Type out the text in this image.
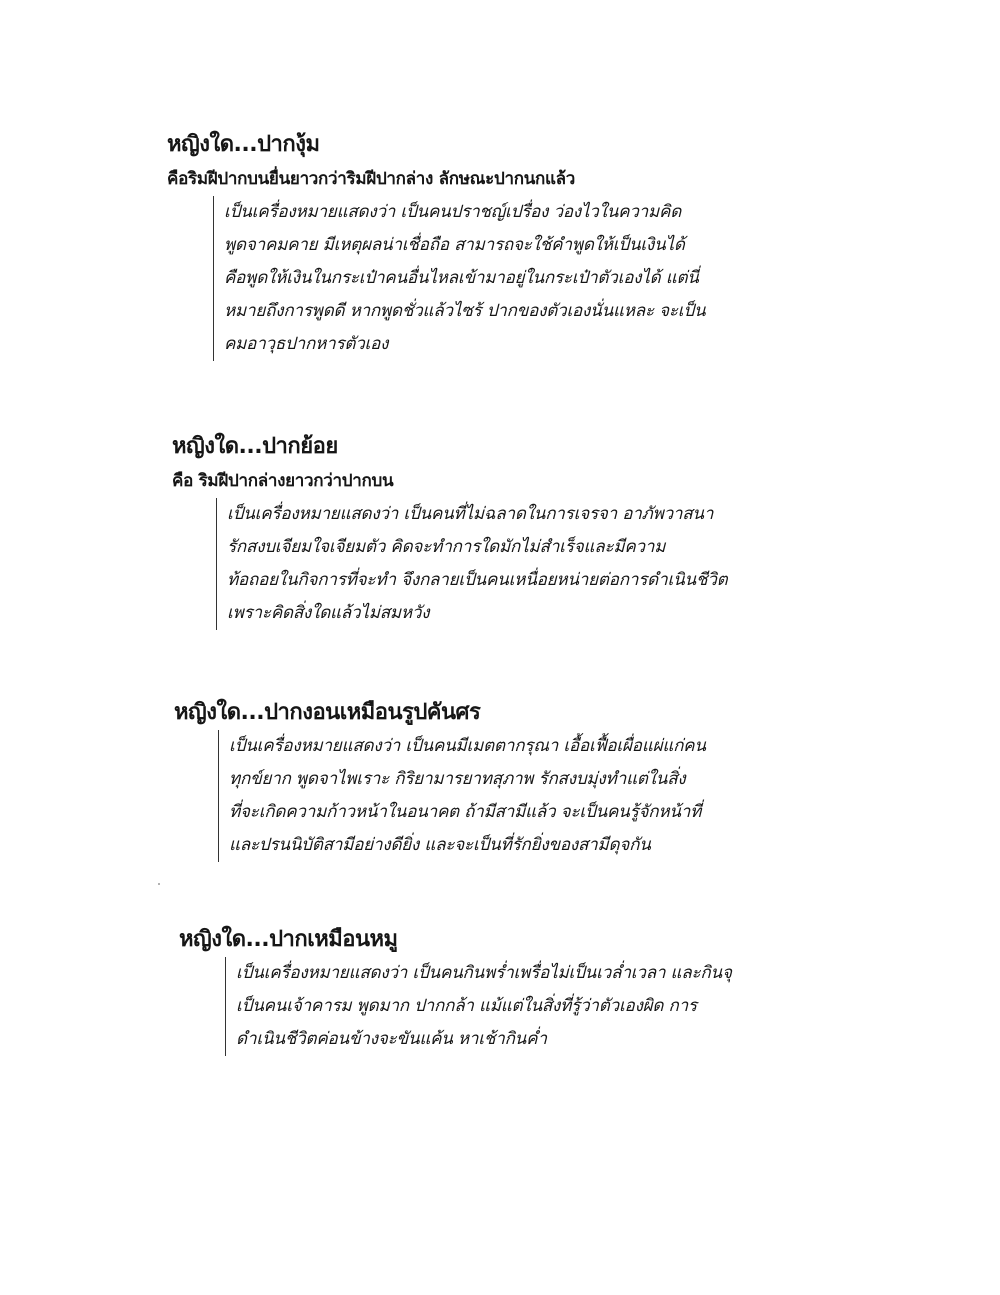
หญิงใด...ปากงุ้ม
คือริมฝีปากบนยื่นยาวกว่าริมฝีปากล่าง ลักษณะปากนกแล้ว
เป็นเครื่องหมายแสดงว่า เป็นคนปราชญ์เปรื่อง ว่องไวในความคิด
พูดจาคมคาย มีเหตุผลน่าเชื่อถือ สามารถจะใช้คำพูดให้เป็นเงินได้
คือพูดให้เงินในกระเป๋าคนอื่นไหลเข้ามาอยู่ในกระเป๋าตัวเองได้ แต่นี่
หมายถึงการพูดดี หากพูดชั่วแล้วไซร้ ปากของตัวเองนั่นแหละ จะเป็น
คมอาวุธปากหารตัวเอง
หญิงใด...ปากย้อย
คือ ริมฝีปากล่างยาวกว่าปากบน
เป็นเครื่องหมายแสดงว่า เป็นคนที่ไม่ฉลาดในการเจรจา อาภัพวาสนา
รักสงบเจียมใจเจียมตัว คิดจะทำการใดมักไม่สำเร็จและมีความ
ท้อถอยในกิจการที่จะทำ จึงกลายเป็นคนเหนื่อยหน่ายต่อการดำเนินชีวิต
เพราะคิดสิ่งใดแล้วไม่สมหวัง
หญิงใด...ปากงอนเหมือนรูปคันศร
เป็นเครื่องหมายแสดงว่า เป็นคนมีเมตตากรุณา เอื้อเฟื้อเผื่อแผ่แก่คน
ทุกข์ยาก พูดจาไพเราะ กิริยามารยาทสุภาพ รักสงบมุ่งทำแต่ในสิ่ง
ที่จะเกิดความก้าวหน้าในอนาคต ถ้ามีสามีแล้ว จะเป็นคนรู้จักหน้าที่
และปรนนิบัติสามีอย่างดียิ่ง และจะเป็นที่รักยิ่งของสามีดุจกัน
หญิงใด...ปากเหมือนหมู
เป็นเครื่องหมายแสดงว่า เป็นคนกินพร่ำเพรื่อไม่เป็นเวล่ำเวลา และกินจุ
เป็นคนเจ้าคารม พูดมาก ปากกล้า แม้แต่ในสิ่งที่รู้ว่าตัวเองผิด การ
ดำเนินชีวิตค่อนข้างจะขันแค้น หาเช้ากินค่ำ
